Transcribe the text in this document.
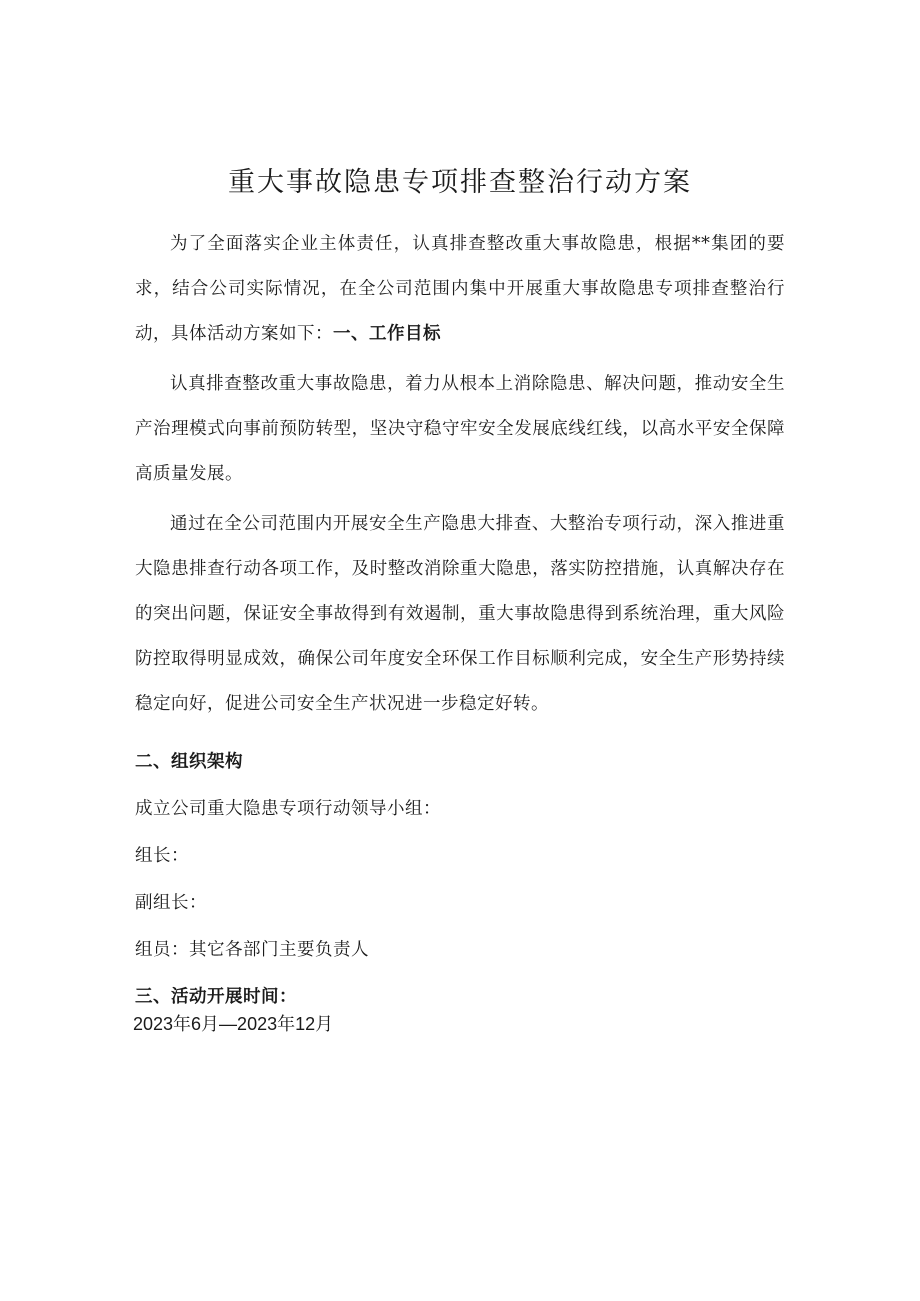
重大事故隐患专项排查整治行动方案

为了全面落实企业主体责任，认真排查整改重大事故隐患，根据**集团的要求，结合公司实际情况，在全公司范围内集中开展重大事故隐患专项排查整治行动，具体活动方案如下：一、工作目标

认真排查整改重大事故隐患，着力从根本上消除隐患、解决问题，推动安全生产治理模式向事前预防转型，坚决守稳守牢安全发展底线红线，以高水平安全保障高质量发展。

通过在全公司范围内开展安全生产隐患大排查、大整治专项行动，深入推进重大隐患排查行动各项工作，及时整改消除重大隐患，落实防控措施，认真解决存在的突出问题，保证安全事故得到有效遏制，重大事故隐患得到系统治理，重大风险防控取得明显成效，确保公司年度安全环保工作目标顺利完成，安全生产形势持续稳定向好，促进公司安全生产状况进一步稳定好转。

二、组织架构

成立公司重大隐患专项行动领导小组：

组长：

副组长：

组员：其它各部门主要负责人

三、活动开展时间：

2023年6月—2023年12月
